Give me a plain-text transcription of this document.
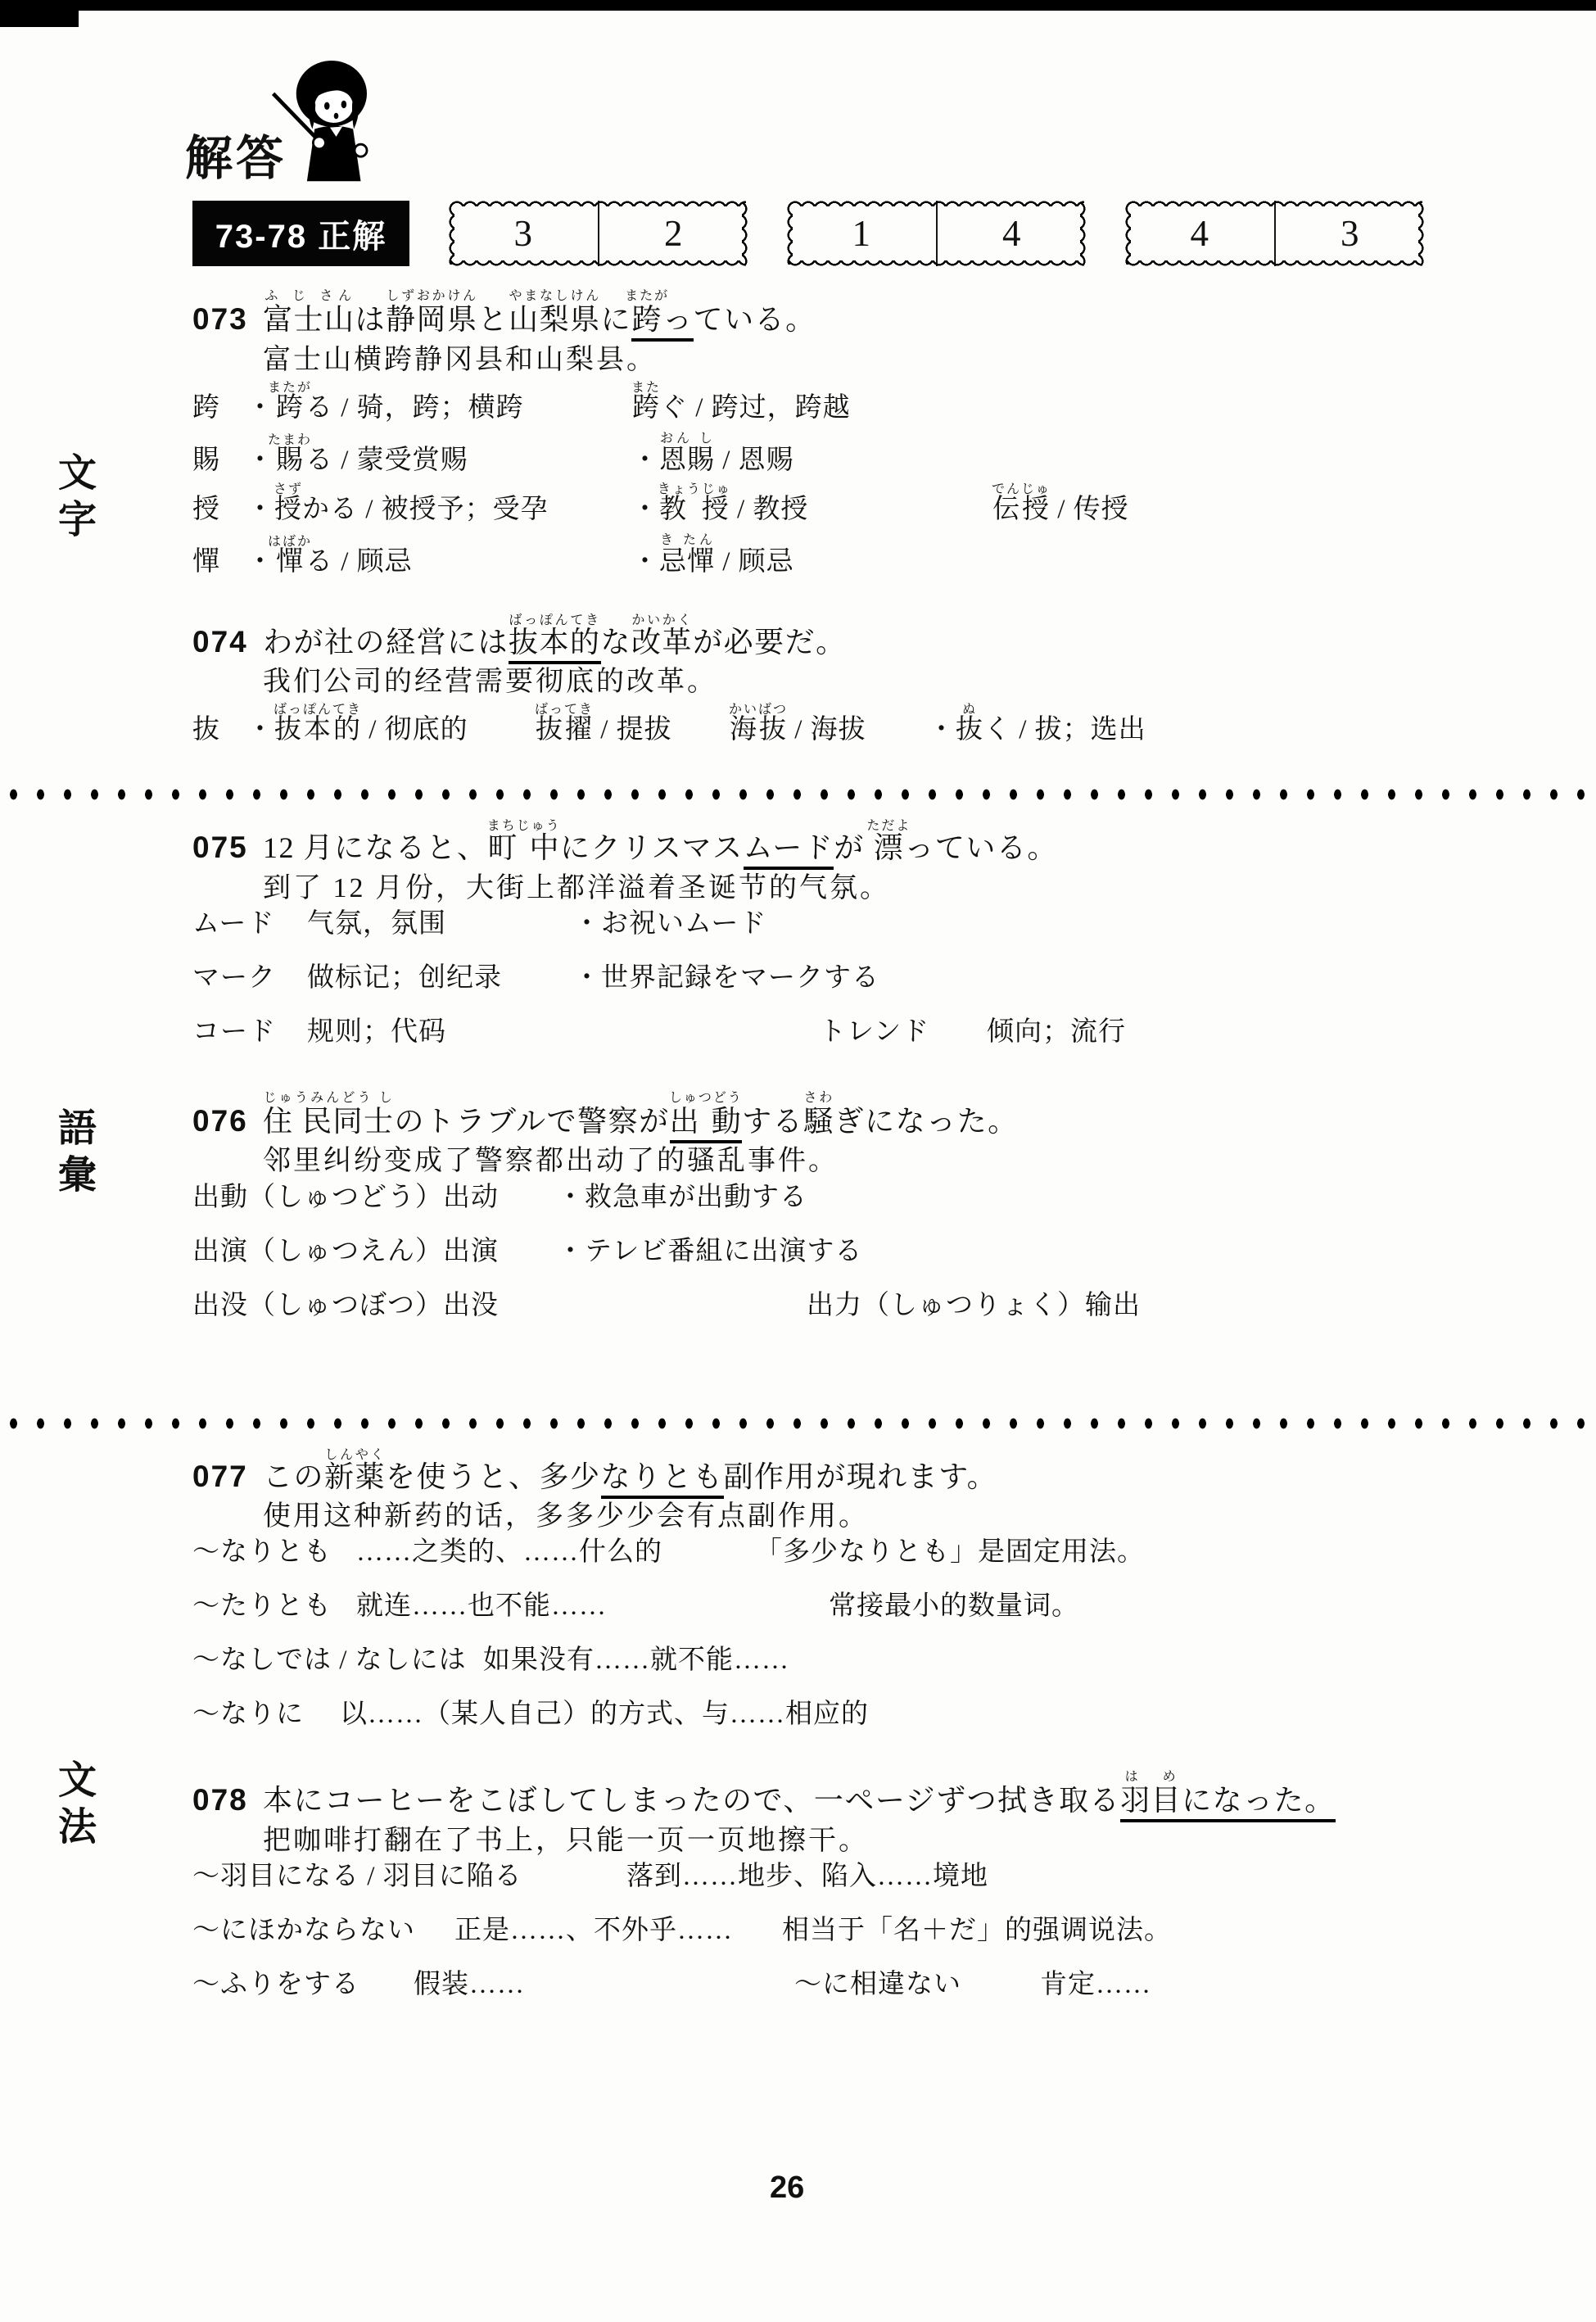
文字
語彙
文法
解答
73-78 正解	3	2	1	4	4	3
073 富士山ふ じ さんは静岡県しずおかけんと山梨県やまなしけんに跨またがっている。
富士山横跨静冈县和山梨县。
跨 ・跨またがる / 骑，跨；横跨	跨またぐ / 跨过，跨越
賜 ・賜たまわる / 蒙受赏赐	・恩賜おん し / 恩赐
授 ・授さずかる / 被授予；受孕	・教 授きょうじゅ / 教授	伝授でんじゅ / 传授
憚 ・憚はばかる / 顾忌	・忌憚き たん / 顾忌
074 わが社の経営には抜本的ばっぽんてきな改革かいかくが必要だ。
我们公司的经营需要彻底的改革。
抜 ・抜本的ばっぽんてき / 彻底的	抜擢ばってき / 提拔	海抜かいばつ / 海拔	・抜ぬく / 拔；选出
075 12 月になると、町 中まちじゅうにクリスマスムードが 漂ただよっている。
到了 12 月份，大街上都洋溢着圣诞节的气氛。
ムード	气氛，氛围	・お祝いムード
マーク	做标记；创纪录	・世界記録をマークする
コード	规则；代码	トレンド	倾向；流行
076 住 民同士じゅうみんどう しのトラブルで警察が出 動しゅつどうする騒さわぎになった。
邻里纠纷变成了警察都出动了的骚乱事件。
出動（しゅつどう）出动	・救急車が出動する
出演（しゅつえん）出演	・テレビ番組に出演する
出没（しゅつぼつ）出没	出力（しゅつりょく）输出
077 この新薬しんやくを使うと、多少なりとも副作用が現れます。
使用这种新药的话，多多少少会有点副作用。
〜なりとも ……之类的、……什么的	「多少なりとも」是固定用法。
〜たりとも 就连……也不能……	常接最小的数量词。
〜なしでは / なしには 如果没有……就不能……
〜なりに	以……（某人自己）的方式、与……相应的
078 本にコーヒーをこぼしてしまったので、一ページずつ拭き取る羽目は めになった。
把咖啡打翻在了书上，只能一页一页地擦干。
〜羽目になる / 羽目に陥る	落到……地步、陷入……境地
〜にほかならない	正是……、不外乎……	相当于「名＋だ」的强调说法。
〜ふりをする	假装……	〜に相違ない	肯定……
26
